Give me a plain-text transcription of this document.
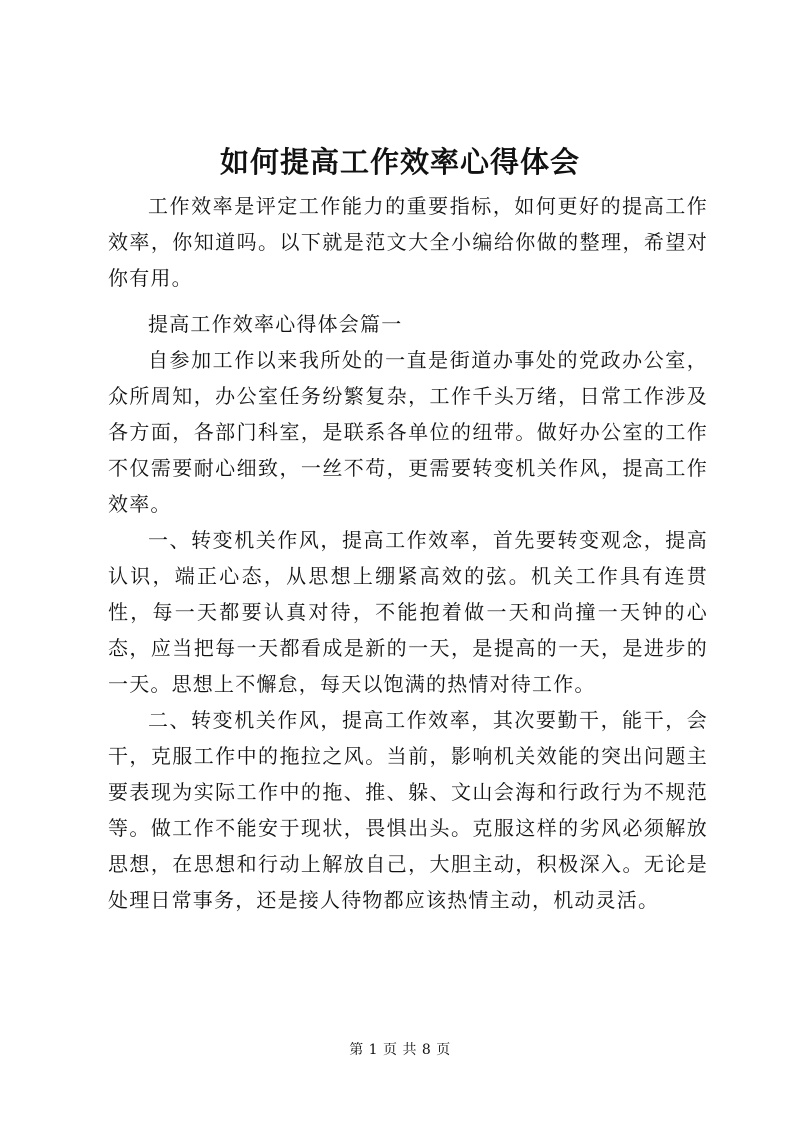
如何提高工作效率心得体会

工作效率是评定工作能力的重要指标，如何更好的提高工作效率，你知道吗。以下就是范文大全小编给你做的整理，希望对你有用。

提高工作效率心得体会篇一

自参加工作以来我所处的一直是街道办事处的党政办公室，众所周知，办公室任务纷繁复杂，工作千头万绪，日常工作涉及各方面，各部门科室，是联系各单位的纽带。做好办公室的工作不仅需要耐心细致，一丝不苟，更需要转变机关作风，提高工作效率。

一、转变机关作风，提高工作效率，首先要转变观念，提高认识，端正心态，从思想上绷紧高效的弦。机关工作具有连贯性，每一天都要认真对待，不能抱着做一天和尚撞一天钟的心态，应当把每一天都看成是新的一天，是提高的一天，是进步的一天。思想上不懈怠，每天以饱满的热情对待工作。

二、转变机关作风，提高工作效率，其次要勤干，能干，会干，克服工作中的拖拉之风。当前，影响机关效能的突出问题主要表现为实际工作中的拖、推、躲、文山会海和行政行为不规范等。做工作不能安于现状，畏惧出头。克服这样的劣风必须解放思想，在思想和行动上解放自己，大胆主动，积极深入。无论是处理日常事务，还是接人待物都应该热情主动，机动灵活。

第 1 页 共 8 页
